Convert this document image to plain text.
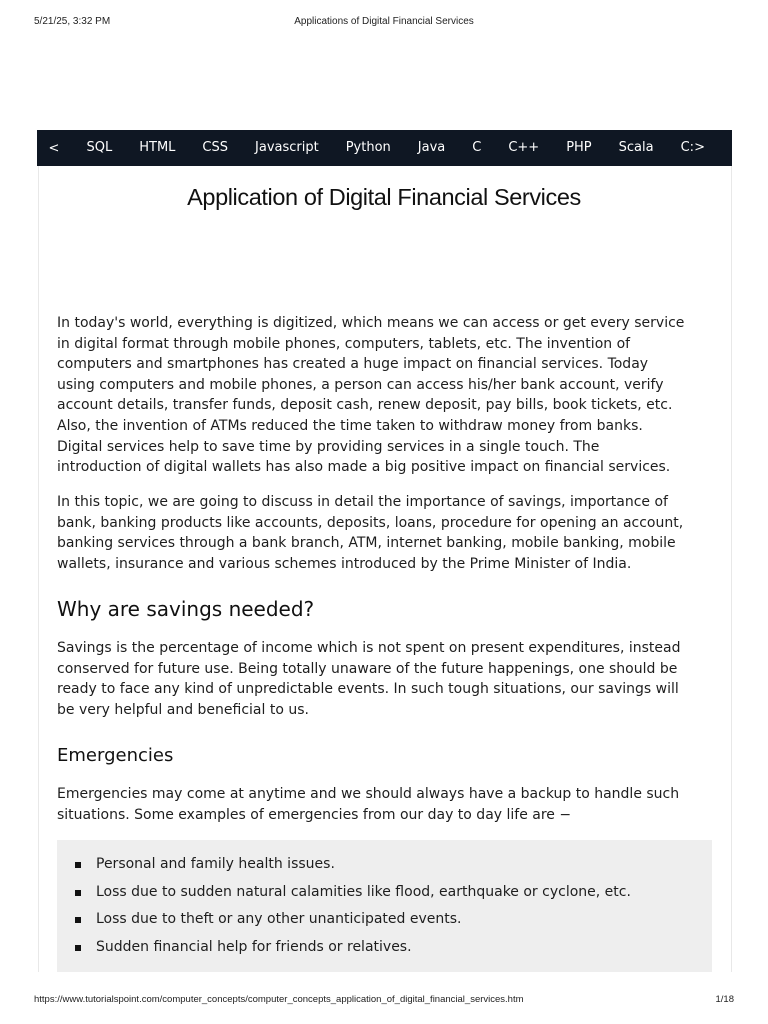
5/21/25, 3:32 PM	Applications of Digital Financial Services
<	SQL	HTML	CSS	Javascript	Python	Java	C	C++	PHP	Scala	C:>
Application of Digital Financial Services

In today's world, everything is digitized, which means we can access or get every service
in digital format through mobile phones, computers, tablets, etc. The invention of
computers and smartphones has created a huge impact on financial services. Today
using computers and mobile phones, a person can access his/her bank account, verify
account details, transfer funds, deposit cash, renew deposit, pay bills, book tickets, etc.
Also, the invention of ATMs reduced the time taken to withdraw money from banks.
Digital services help to save time by providing services in a single touch. The
introduction of digital wallets has also made a big positive impact on financial services.

In this topic, we are going to discuss in detail the importance of savings, importance of
bank, banking products like accounts, deposits, loans, procedure for opening an account,
banking services through a bank branch, ATM, internet banking, mobile banking, mobile
wallets, insurance and various schemes introduced by the Prime Minister of India.

Why are savings needed?

Savings is the percentage of income which is not spent on present expenditures, instead
conserved for future use. Being totally unaware of the future happenings, one should be
ready to face any kind of unpredictable events. In such tough situations, our savings will
be very helpful and beneficial to us.

Emergencies

Emergencies may come at anytime and we should always have a backup to handle such
situations. Some examples of emergencies from our day to day life are −

Personal and family health issues.
Loss due to sudden natural calamities like flood, earthquake or cyclone, etc.
Loss due to theft or any other unanticipated events.
Sudden financial help for friends or relatives.
https://www.tutorialspoint.com/computer_concepts/computer_concepts_application_of_digital_financial_services.htm	1/18
